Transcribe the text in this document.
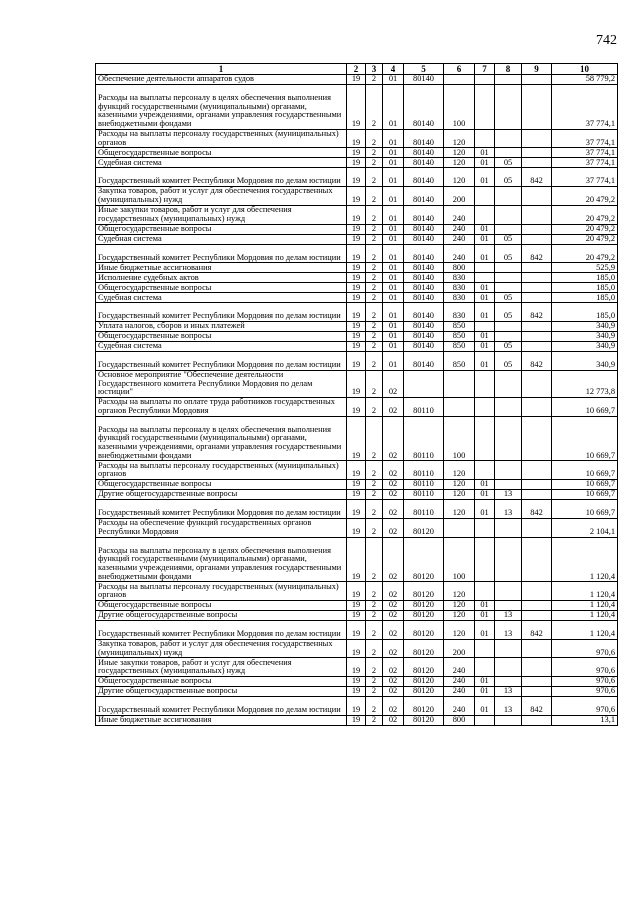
742
1	2	3	4	5	6	7	8	9	10
Обеспечение деятельности аппаратов судов	19	2	01	80140					58 779,2
Расходы на выплаты персоналу в целях обеспечения выполнения функций государственными (муниципальными) органами, казенными учреждениями, органами управления государственными внебюджетными фондами	19	2	01	80140	100				37 774,1
Расходы на выплаты персоналу государственных (муниципальных) органов	19	2	01	80140	120				37 774,1
Общегосударственные вопросы	19	2	01	80140	120	01			37 774,1
Судебная система	19	2	01	80140	120	01	05		37 774,1
Государственный комитет Республики Мордовия по делам юстиции	19	2	01	80140	120	01	05	842	37 774,1
Закупка товаров, работ и услуг для обеспечения государственных (муниципальных) нужд	19	2	01	80140	200				20 479,2
Иные закупки товаров, работ и услуг для обеспечения государственных (муниципальных) нужд	19	2	01	80140	240				20 479,2
Общегосударственные вопросы	19	2	01	80140	240	01			20 479,2
Судебная система	19	2	01	80140	240	01	05		20 479,2
Государственный комитет Республики Мордовия по делам юстиции	19	2	01	80140	240	01	05	842	20 479,2
Иные бюджетные ассигнования	19	2	01	80140	800				525,9
Исполнение судебных актов	19	2	01	80140	830				185,0
Общегосударственные вопросы	19	2	01	80140	830	01			185,0
Судебная система	19	2	01	80140	830	01	05		185,0
Государственный комитет Республики Мордовия по делам юстиции	19	2	01	80140	830	01	05	842	185,0
Уплата налогов, сборов и иных платежей	19	2	01	80140	850				340,9
Общегосударственные вопросы	19	2	01	80140	850	01			340,9
Судебная система	19	2	01	80140	850	01	05		340,9
Государственный комитет Республики Мордовия по делам юстиции	19	2	01	80140	850	01	05	842	340,9
Основное мероприятие "Обеспечение деятельности Государственного комитета Республики Мордовия по делам юстиции"	19	2	02						12 773,8
Расходы на выплаты по оплате труда работников государственных органов Республики Мордовия	19	2	02	80110					10 669,7
Расходы на выплаты персоналу в целях обеспечения выполнения функций государственными (муниципальными) органами, казенными учреждениями, органами управления государственными внебюджетными фондами	19	2	02	80110	100				10 669,7
Расходы на выплаты персоналу государственных (муниципальных) органов	19	2	02	80110	120				10 669,7
Общегосударственные вопросы	19	2	02	80110	120	01			10 669,7
Другие общегосударственные вопросы	19	2	02	80110	120	01	13		10 669,7
Государственный комитет Республики Мордовия по делам юстиции	19	2	02	80110	120	01	13	842	10 669,7
Расходы на обеспечение функций государственных органов Республики Мордовия	19	2	02	80120					2 104,1
Расходы на выплаты персоналу в целях обеспечения выполнения функций государственными (муниципальными) органами, казенными учреждениями, органами управления государственными внебюджетными фондами	19	2	02	80120	100				1 120,4
Расходы на выплаты персоналу государственных (муниципальных) органов	19	2	02	80120	120				1 120,4
Общегосударственные вопросы	19	2	02	80120	120	01			1 120,4
Другие общегосударственные вопросы	19	2	02	80120	120	01	13		1 120,4
Государственный комитет Республики Мордовия по делам юстиции	19	2	02	80120	120	01	13	842	1 120,4
Закупка товаров, работ и услуг для обеспечения государственных (муниципальных) нужд	19	2	02	80120	200				970,6
Иные закупки товаров, работ и услуг для обеспечения государственных (муниципальных) нужд	19	2	02	80120	240				970,6
Общегосударственные вопросы	19	2	02	80120	240	01			970,6
Другие общегосударственные вопросы	19	2	02	80120	240	01	13		970,6
Государственный комитет Республики Мордовия по делам юстиции	19	2	02	80120	240	01	13	842	970,6
Иные бюджетные ассигнования	19	2	02	80120	800				13,1
